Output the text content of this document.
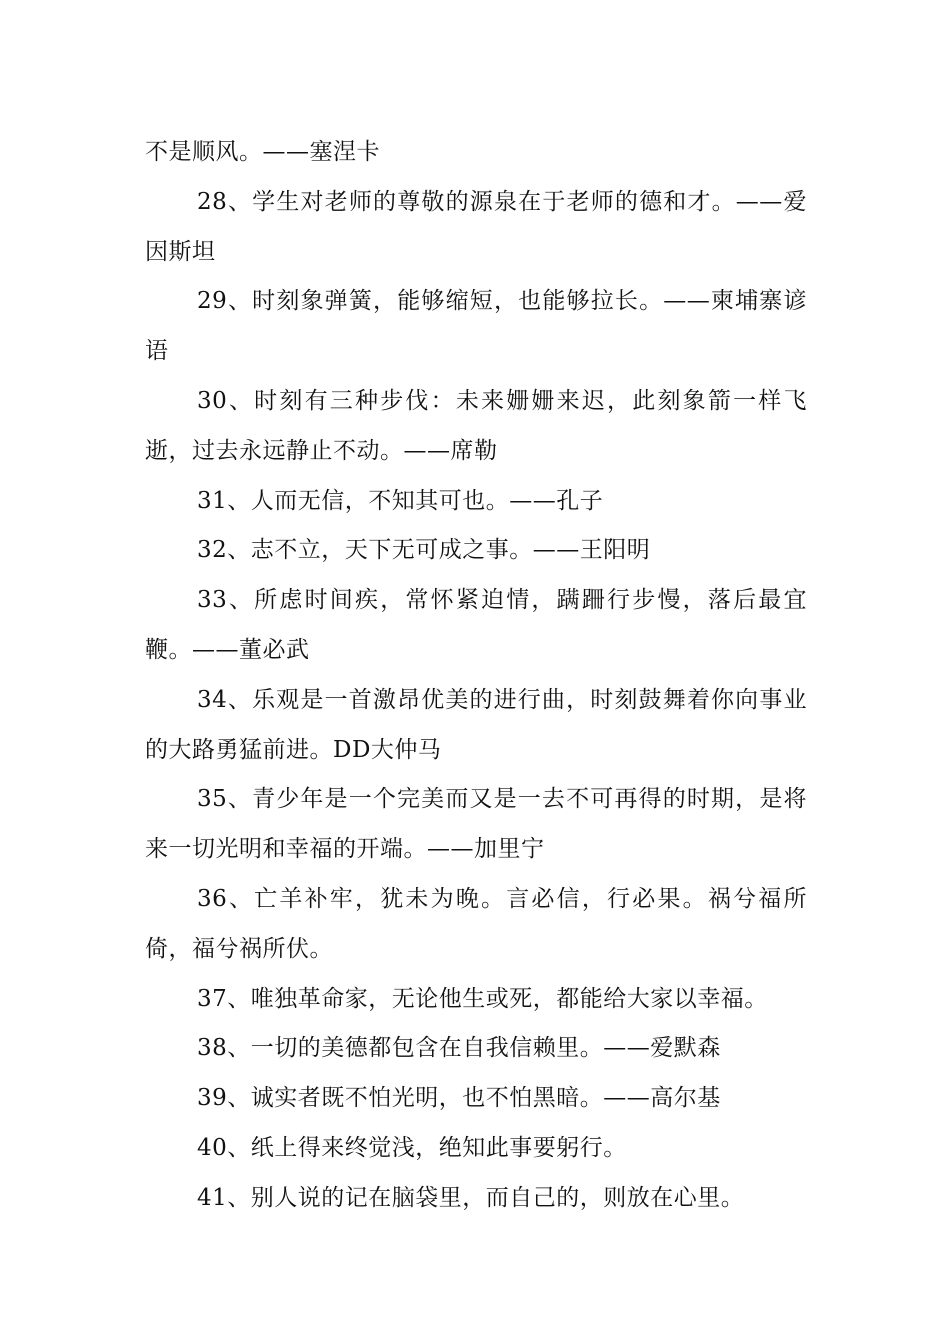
不是顺风。——塞涅卡

28、学生对老师的尊敬的源泉在于老师的德和才。——爱因斯坦

29、时刻象弹簧，能够缩短，也能够拉长。——柬埔寨谚语

30、时刻有三种步伐：未来姗姗来迟，此刻象箭一样飞逝，过去永远静止不动。——席勒

31、人而无信，不知其可也。——孔子

32、志不立，天下无可成之事。——王阳明

33、所虑时间疾，常怀紧迫情，蹒跚行步慢，落后最宜鞭。——董必武

34、乐观是一首激昂优美的进行曲，时刻鼓舞着你向事业的大路勇猛前进。DD大仲马

35、青少年是一个完美而又是一去不可再得的时期，是将来一切光明和幸福的开端。——加里宁

36、亡羊补牢，犹未为晚。言必信，行必果。祸兮福所倚，福兮祸所伏。

37、唯独革命家，无论他生或死，都能给大家以幸福。

38、一切的美德都包含在自我信赖里。——爱默森

39、诚实者既不怕光明，也不怕黑暗。——高尔基

40、纸上得来终觉浅，绝知此事要躬行。

41、别人说的记在脑袋里，而自己的，则放在心里。
